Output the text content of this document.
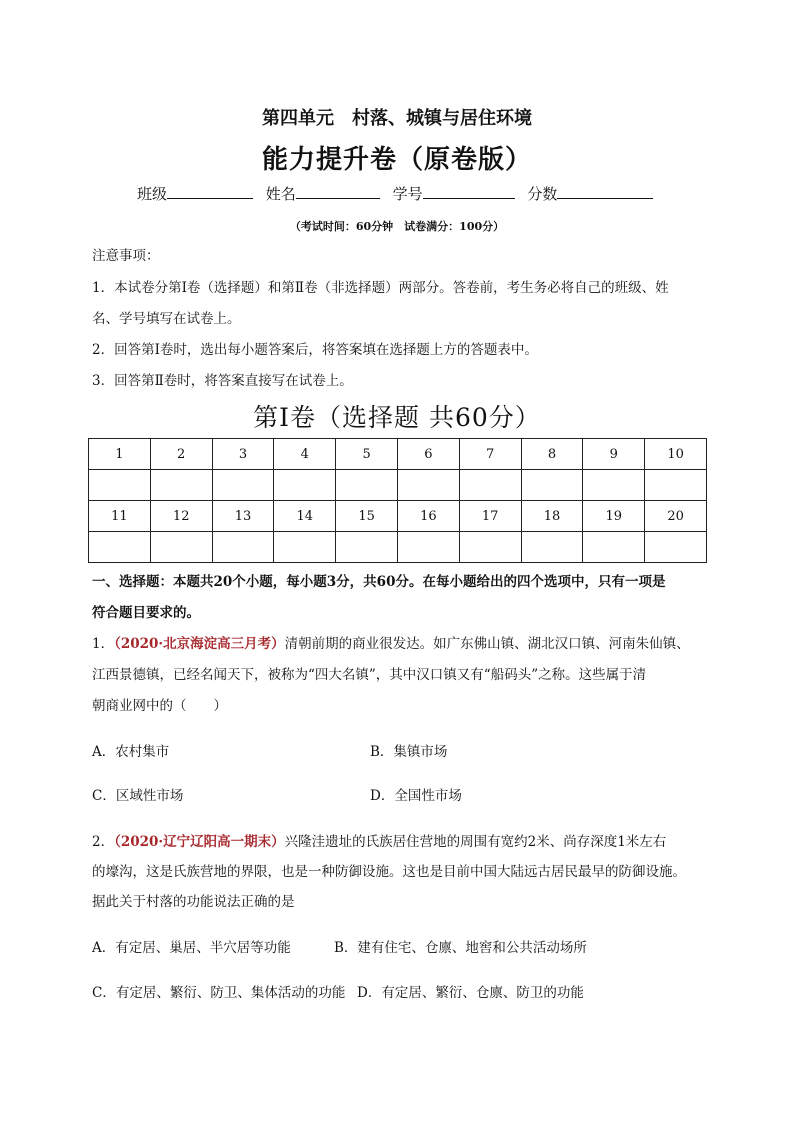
第四单元　村落、城镇与居住环境
能力提升卷（原卷版）
班级	姓名	学号	分数
（考试时间：60分钟　试卷满分：100分）
注意事项：
1．本试卷分第Ⅰ卷（选择题）和第Ⅱ卷（非选择题）两部分。答卷前，考生务必将自己的班级、姓
名、学号填写在试卷上。
2．回答第Ⅰ卷时，选出每小题答案后，将答案填在选择题上方的答题表中。
3．回答第Ⅱ卷时，将答案直接写在试卷上。
第Ⅰ卷（选择题 共60分）
1	2	3	4	5	6	7	8	9	10

11	12	13	14	15	16	17	18	19	20

一、选择题：本题共20个小题，每小题3分，共60分。在每小题给出的四个选项中，只有一项是
符合题目要求的。
1．（2020·北京海淀高三月考）清朝前期的商业很发达。如广东佛山镇、湖北汉口镇、河南朱仙镇、
江西景德镇，已经名闻天下，被称为“四大名镇”，其中汉口镇又有“船码头”之称。这些属于清
朝商业网中的（　　）
A．农村集市	B．集镇市场
C．区域性市场	D．全国性市场
2．（2020·辽宁辽阳高一期末）兴隆洼遗址的氏族居住营地的周围有宽约2米、尚存深度1米左右
的壕沟，这是氏族营地的界限，也是一种防御设施。这也是目前中国大陆远古居民最早的防御设施。
据此关于村落的功能说法正确的是
A．有定居、巢居、半穴居等功能	B．建有住宅、仓廪、地窖和公共活动场所
C．有定居、繁衍、防卫、集体活动的功能 D．有定居、繁衍、仓廪、防卫的功能
